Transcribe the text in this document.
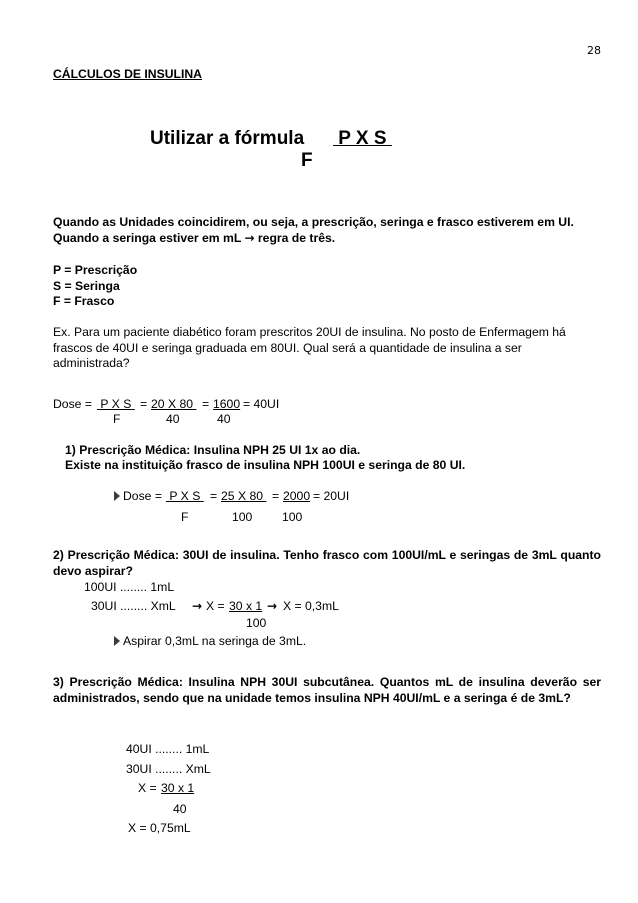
28
CÁLCULOS DE INSULINA
Utilizar a fórmula P X S
F
Quando as Unidades coincidirem, ou seja, a prescrição, seringa e frasco estiverem em UI. Quando a seringa estiver em mL → regra de três.
P = Prescrição
S = Seringa
F = Frasco
Ex. Para um paciente diabético foram prescritos 20UI de insulina. No posto de Enfermagem há frascos de 40UI e seringa graduada em 80UI. Qual será a quantidade de insulina a ser administrada?
Dose = P X S = 20 X 80 = 1600 = 40UI
F	40	40
1) Prescrição Médica: Insulina NPH 25 UI 1x ao dia.
Existe na instituição frasco de insulina NPH 100UI e seringa de 80 UI.
Dose = P X S = 25 X 80 = 2000 = 20UI
F	100 100
2) Prescrição Médica: 30UI de insulina. Tenho frasco com 100UI/mL e seringas de 3mL quanto devo aspirar?
100UI ........ 1mL
30UI ........ XmL → X = 30 x 1 → X = 0,3mL
100
Aspirar 0,3mL na seringa de 3mL.
3) Prescrição Médica: Insulina NPH 30UI subcutânea. Quantos mL de insulina deverão ser administrados, sendo que na unidade temos insulina NPH 40UI/mL e a seringa é de 3mL?
40UI ........ 1mL
30UI ........ XmL
X = 30 x 1
40
X = 0,75mL
